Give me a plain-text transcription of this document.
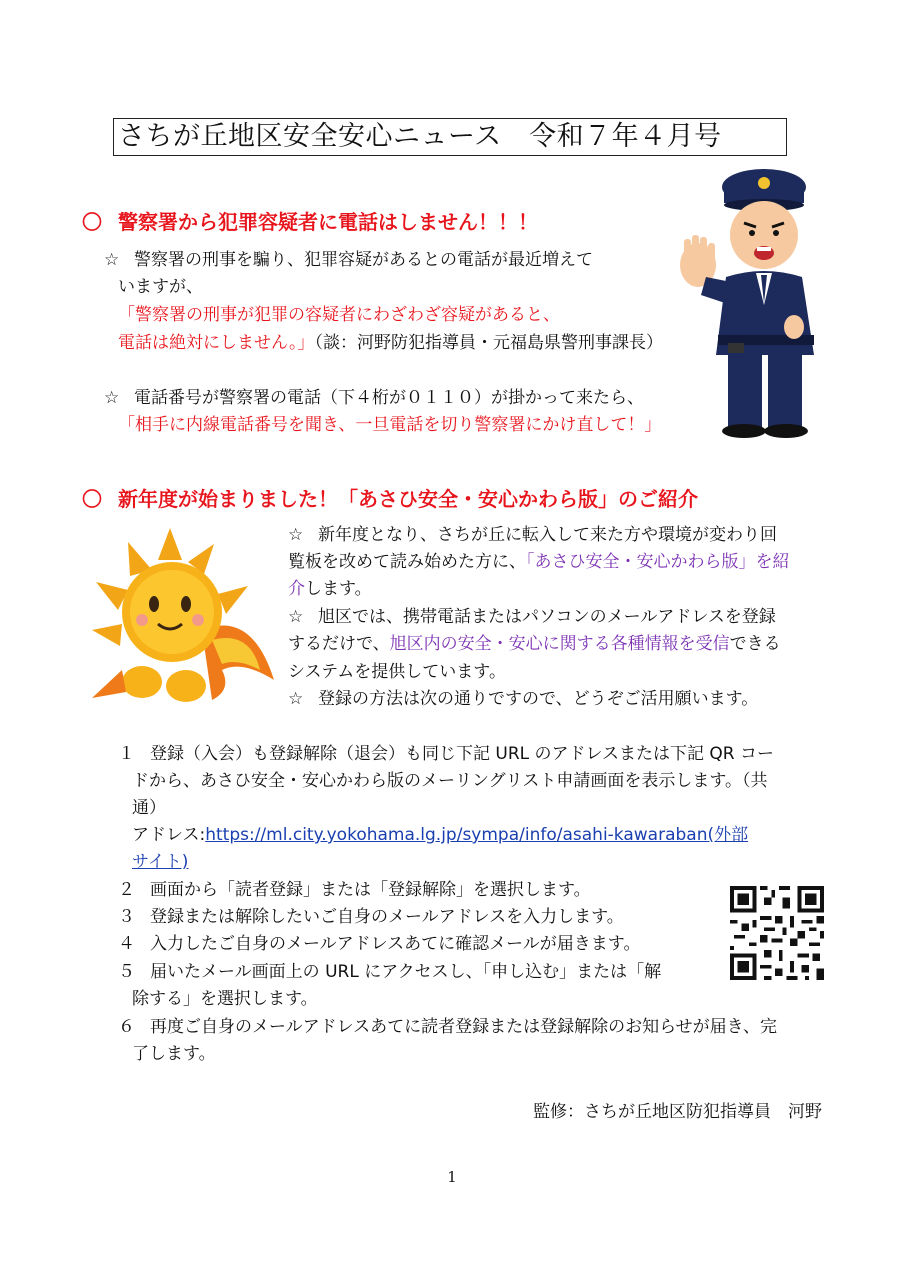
さちが丘地区安全安心ニュース　令和７年４月号
〇 警察署から犯罪容疑者に電話はしません！！！
☆ 警察署の刑事を騙り、犯罪容疑があるとの電話が最近増えて
いますが、
「警察署の刑事が犯罪の容疑者にわざわざ容疑があると、
電話は絶対にしません。」（談：河野防犯指導員・元福島県警刑事課長）
☆ 電話番号が警察署の電話（下４桁が０１１０）が掛かって来たら、
「相手に内線電話番号を聞き、一旦電話を切り警察署にかけ直して！」
〇 新年度が始まりました！「あさひ安全・安心かわら版」のご紹介
☆ 新年度となり、さちが丘に転入して来た方や環境が変わり回
覧板を改めて読み始めた方に、「あさひ安全・安心かわら版」を紹
介します。
☆ 旭区では、携帯電話またはパソコンのメールアドレスを登録
するだけで、旭区内の安全・安心に関する各種情報を受信できる
システムを提供しています。
☆ 登録の方法は次の通りですので、どうぞご活用願います。
１ 登録（入会）も登録解除（退会）も同じ下記 URL のアドレスまたは下記 QR コー
ドから、あさひ安全・安心かわら版のメーリングリスト申請画面を表示します。（共
通）
アドレス:https://ml.city.yokohama.lg.jp/sympa/info/asahi-kawaraban(外部
サイト)
２ 画面から「読者登録」または「登録解除」を選択します。
３ 登録または解除したいご自身のメールアドレスを入力します。
４ 入力したご自身のメールアドレスあてに確認メールが届きます。
５ 届いたメール画面上の URL にアクセスし、「申し込む」または「解
除する」を選択します。
６ 再度ご自身のメールアドレスあてに読者登録または登録解除のお知らせが届き、完
了します。
監修：さちが丘地区防犯指導員　河野
1
